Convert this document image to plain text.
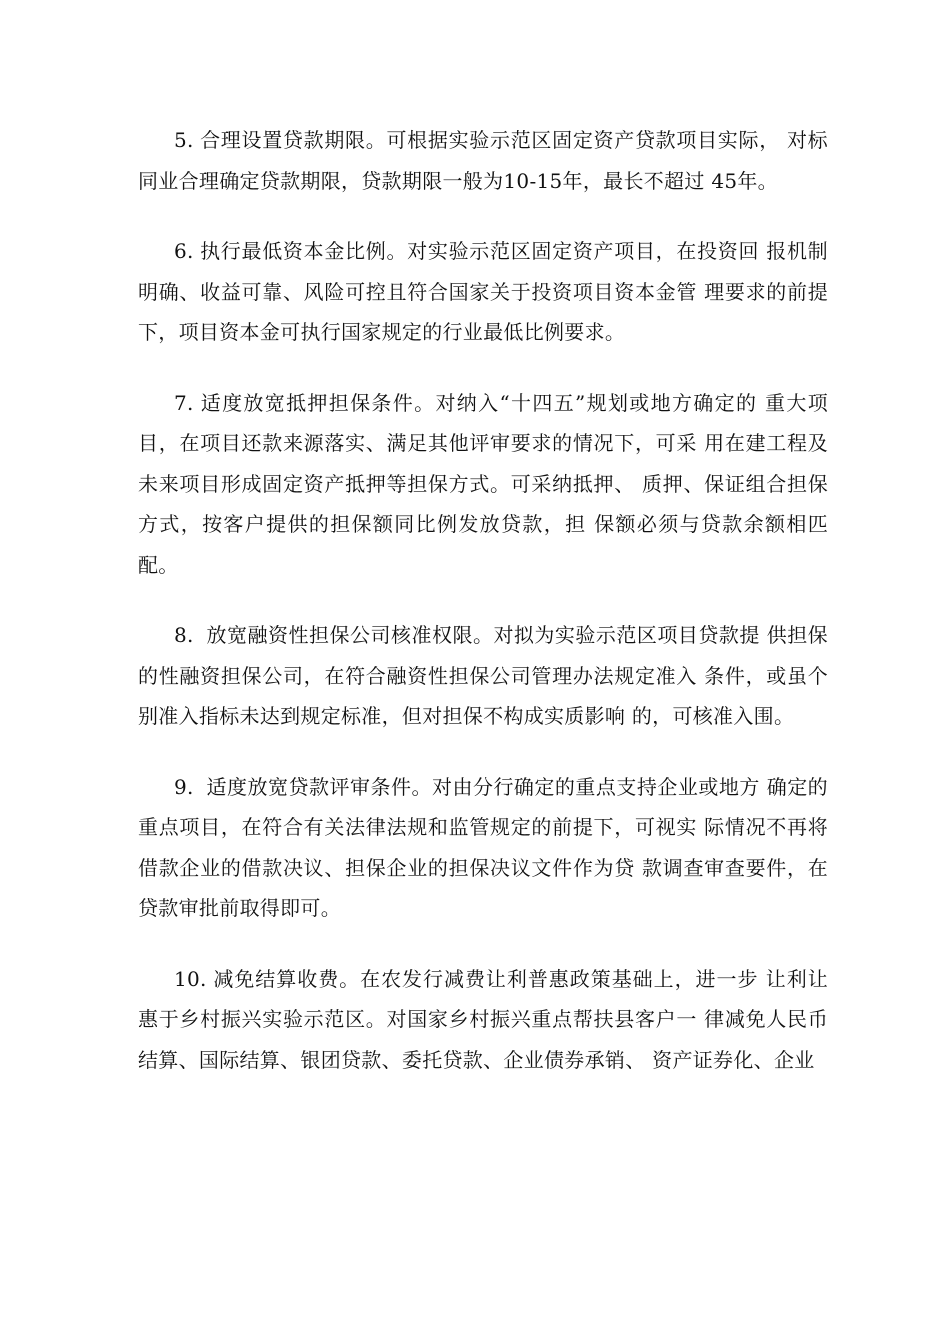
5. 合理设置贷款期限。可根据实验示范区固定资产贷款项目实际， 对标同业合理确定贷款期限，贷款期限一般为10-15年，最长不超过 45年。

6. 执行最低资本金比例。对实验示范区固定资产项目，在投资回 报机制明确、收益可靠、风险可控且符合国家关于投资项目资本金管 理要求的前提下，项目资本金可执行国家规定的行业最低比例要求。

7. 适度放宽抵押担保条件。对纳入“十四五”规划或地方确定的 重大项目，在项目还款来源落实、满足其他评审要求的情况下，可采 用在建工程及未来项目形成固定资产抵押等担保方式。可采纳抵押、 质押、保证组合担保方式，按客户提供的担保额同比例发放贷款，担 保额必须与贷款余额相匹配。

8. 放宽融资性担保公司核准权限。对拟为实验示范区项目贷款提 供担保的性融资担保公司，在符合融资性担保公司管理办法规定准入 条件，或虽个别准入指标未达到规定标准，但对担保不构成实质影响 的，可核准入围。

9. 适度放宽贷款评审条件。对由分行确定的重点支持企业或地方 确定的重点项目，在符合有关法律法规和监管规定的前提下，可视实 际情况不再将借款企业的借款决议、担保企业的担保决议文件作为贷 款调查审查要件，在贷款审批前取得即可。

10. 减免结算收费。在农发行减费让利普惠政策基础上，进一步 让利让惠于乡村振兴实验示范区。对国家乡村振兴重点帮扶县客户一 律减免人民币结算、国际结算、银团贷款、委托贷款、企业债券承销、 资产证券化、企业
